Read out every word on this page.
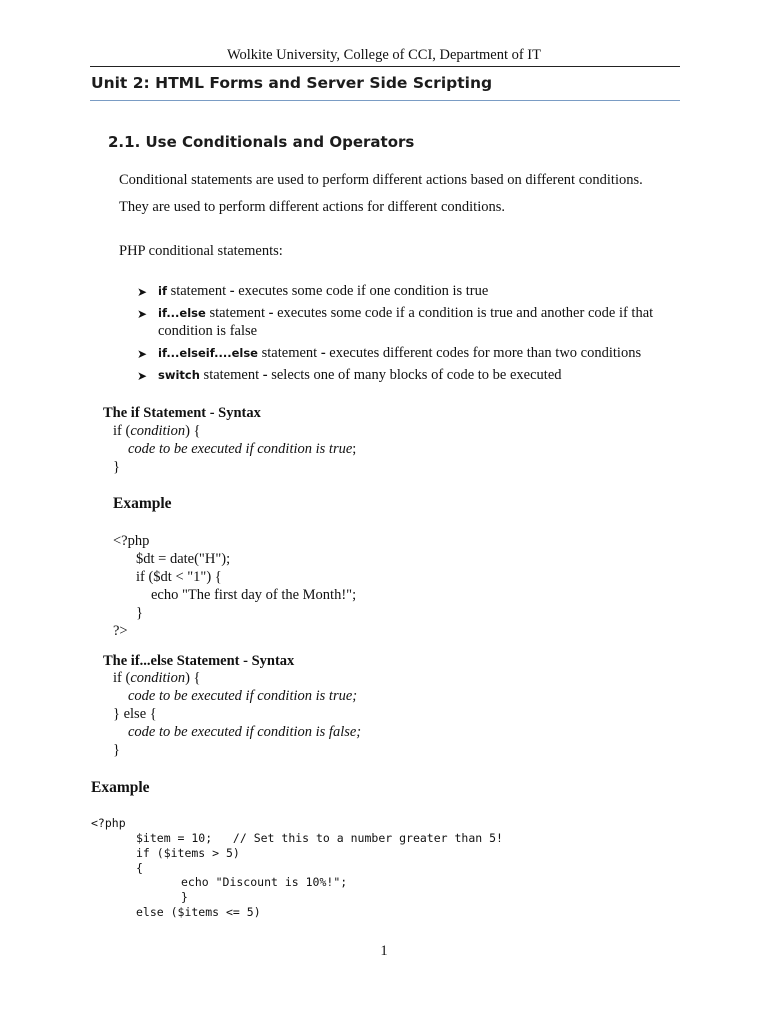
Wolkite University, College of CCI, Department of IT
Unit 2: HTML Forms and Server Side Scripting
2.1. Use Conditionals and Operators
Conditional statements are used to perform different actions based on different conditions.
They are used to perform different actions for different conditions.
PHP conditional statements:
➤ if statement - executes some code if one condition is true
➤ if...else statement - executes some code if a condition is true and another code if that
condition is false
➤ if...elseif....else statement - executes different codes for more than two conditions
➤ switch statement - selects one of many blocks of code to be executed
The if Statement - Syntax
if (condition) {
code to be executed if condition is true;
}
Example
<?php
$dt = date("H");
if ($dt < "1") {
echo "The first day of the Month!";
}
?>
The if...else Statement - Syntax
if (condition) {
code to be executed if condition is true;
} else {
code to be executed if condition is false;
}
Example
<?php
$item = 10;   // Set this to a number greater than 5!
if ($items > 5)
{
echo "Discount is 10%!";
}
else ($items <= 5)
1
